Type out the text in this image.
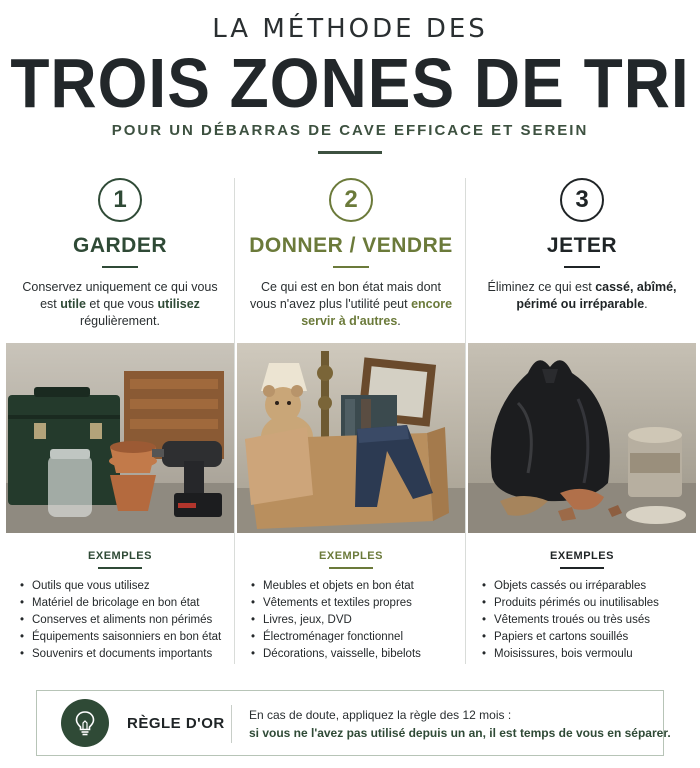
LA MÉTHODE DES
TROIS ZONES DE TRI
POUR UN DÉBARRAS DE CAVE EFFICACE ET SEREIN
1
GARDER
Conservez uniquement ce qui vous est utile et que vous utilisez régulièrement.
EXEMPLES
• Outils que vous utilisez
• Matériel de bricolage en bon état
• Conserves et aliments non périmés
• Équipements saisonniers en bon état
• Souvenirs et documents importants
2
DONNER / VENDRE
Ce qui est en bon état mais dont vous n'avez plus l'utilité peut encore servir à d'autres.
EXEMPLES
• Meubles et objets en bon état
• Vêtements et textiles propres
• Livres, jeux, DVD
• Électroménager fonctionnel
• Décorations, vaisselle, bibelots
3
JETER
Éliminez ce qui est cassé, abîmé, périmé ou irréparable.
EXEMPLES
• Objets cassés ou irréparables
• Produits périmés ou inutilisables
• Vêtements troués ou très usés
• Papiers et cartons souillés
• Moisissures, bois vermoulu
RÈGLE D'OR En cas de doute, appliquez la règle des 12 mois :
si vous ne l'avez pas utilisé depuis un an, il est temps de vous en séparer.
